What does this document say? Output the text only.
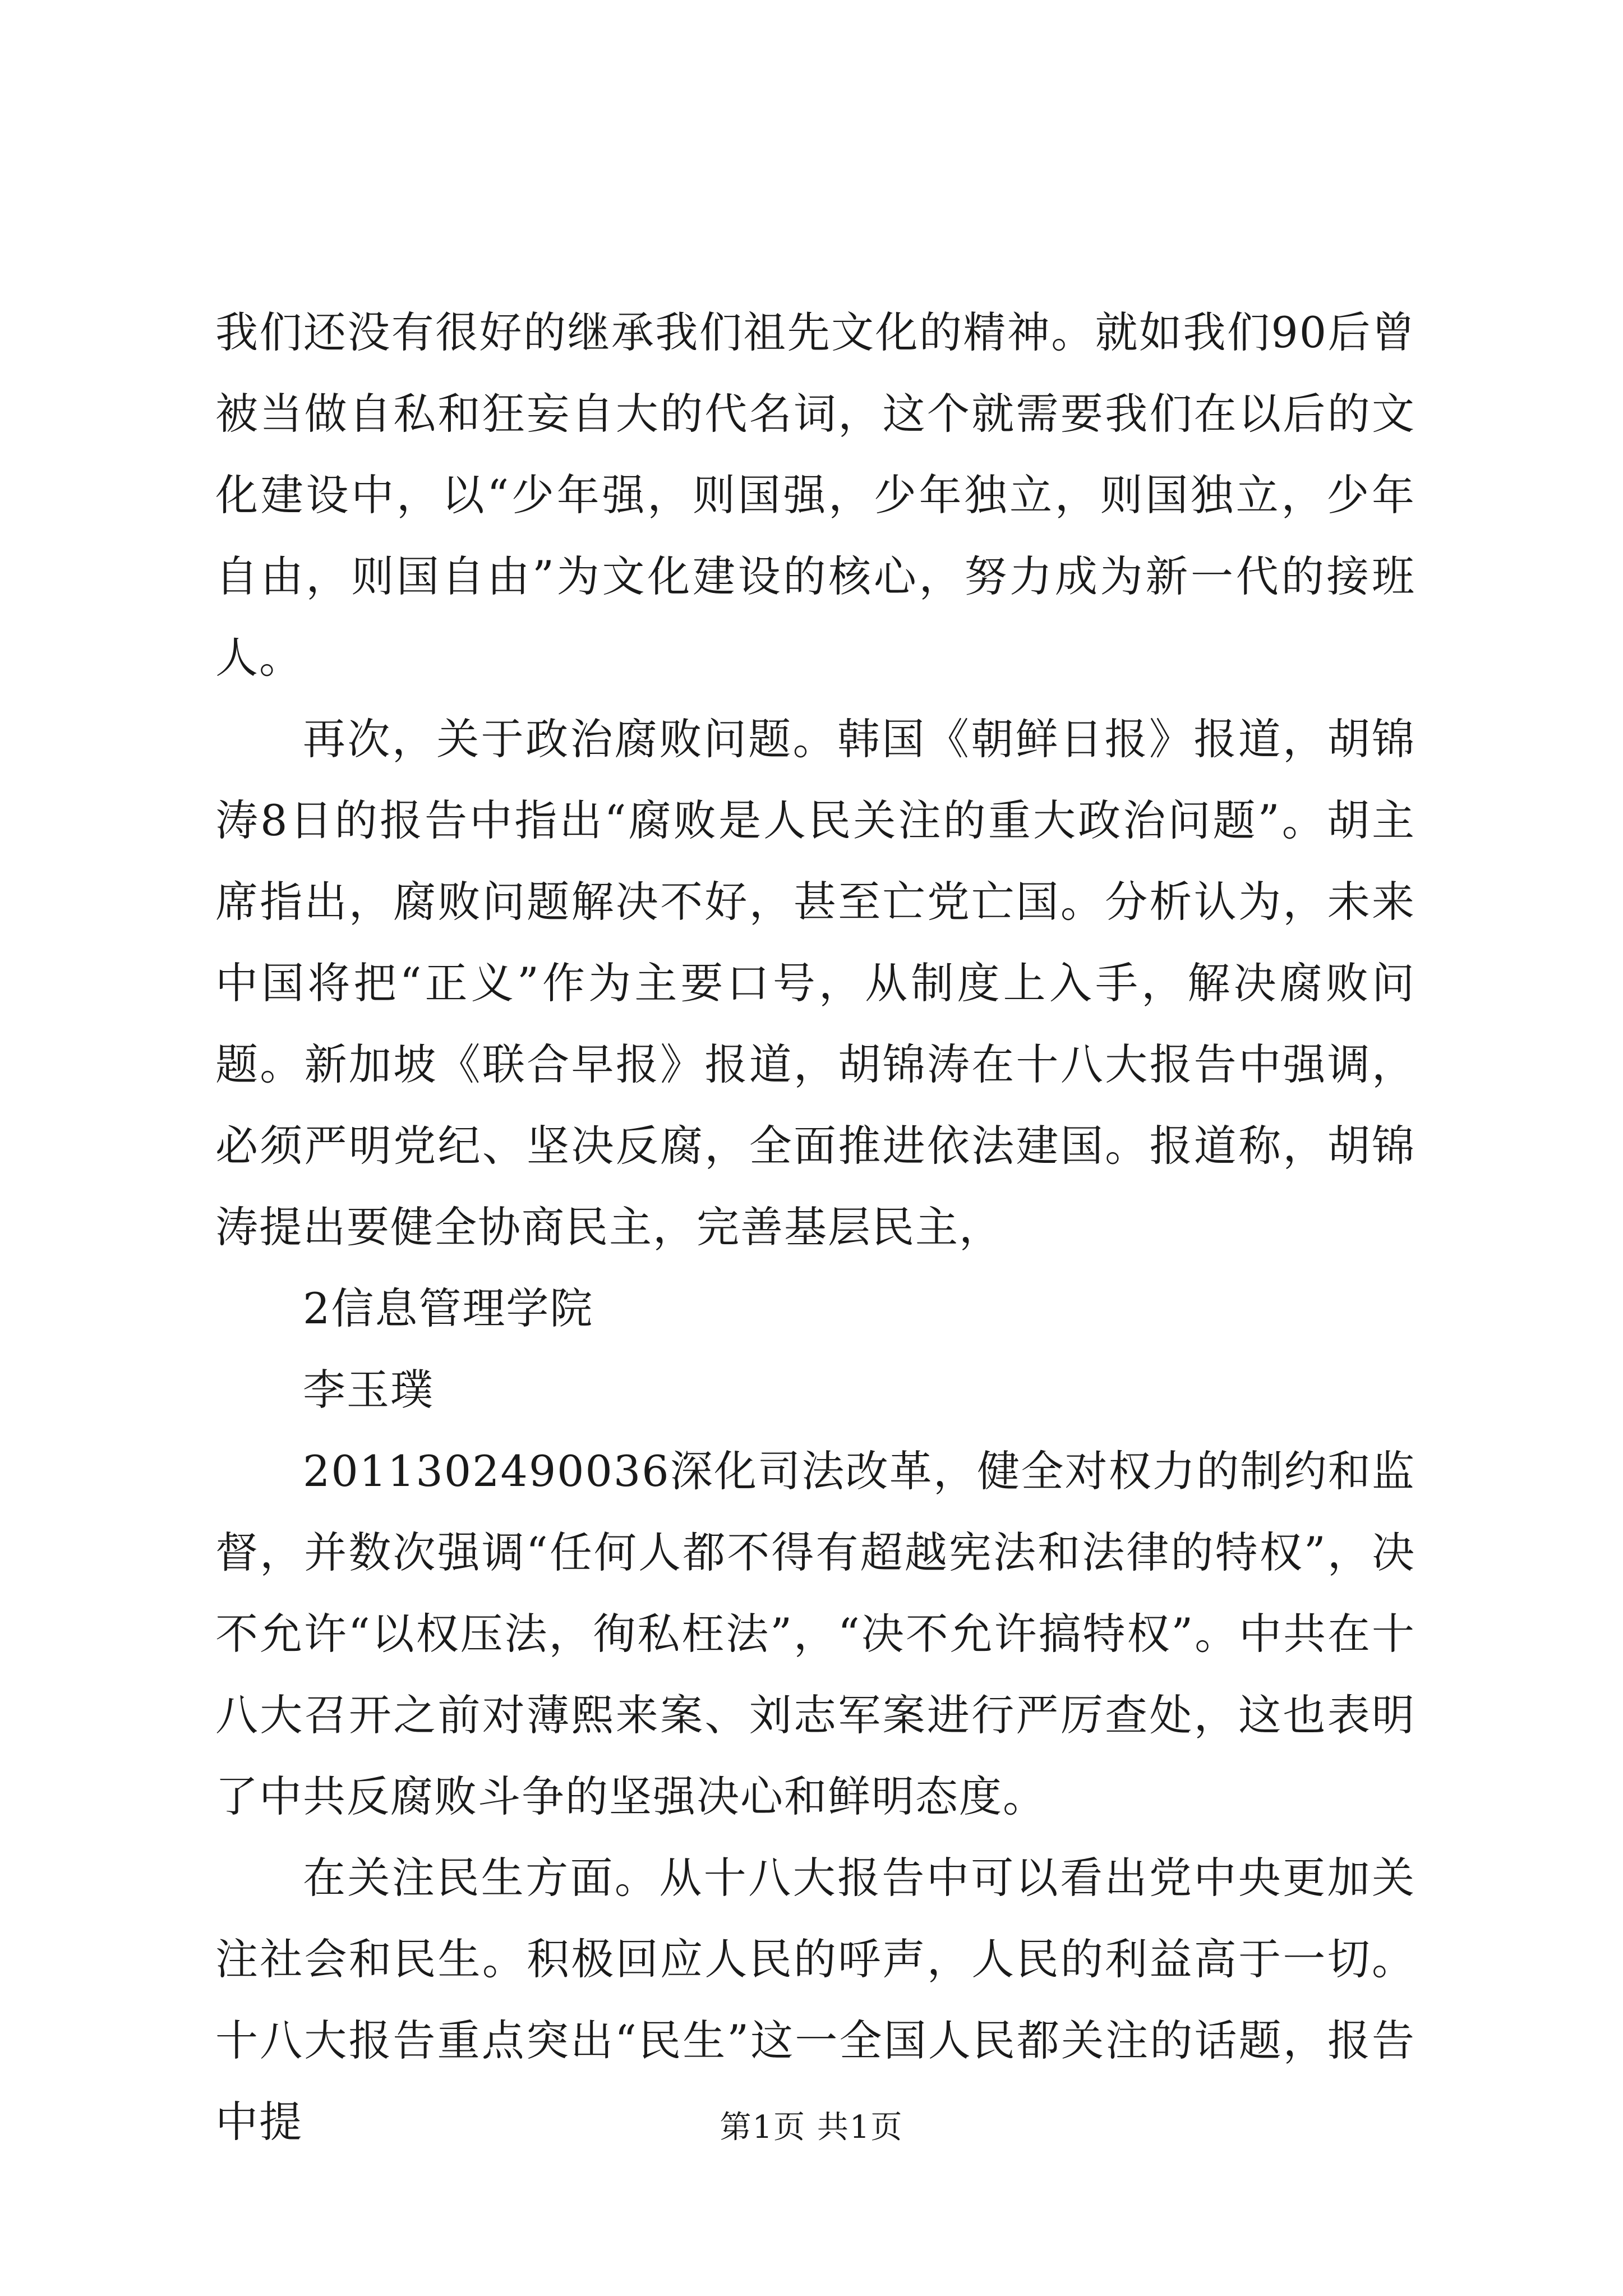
我们还没有很好的继承我们祖先文化的精神。就如我们90后曾被当做自私和狂妄自大的代名词，这个就需要我们在以后的文化建设中，以“少年强，则国强，少年独立，则国独立，少年自由，则国自由”为文化建设的核心，努力成为新一代的接班人。

再次，关于政治腐败问题。韩国《朝鲜日报》报道，胡锦涛8日的报告中指出“腐败是人民关注的重大政治问题”。胡主席指出，腐败问题解决不好，甚至亡党亡国。分析认为，未来中国将把“正义”作为主要口号，从制度上入手，解决腐败问题。新加坡《联合早报》报道，胡锦涛在十八大报告中强调，必须严明党纪、坚决反腐，全面推进依法建国。报道称，胡锦涛提出要健全协商民主，完善基层民主，

2信息管理学院

李玉璞

2011302490036深化司法改革，健全对权力的制约和监督，并数次强调“任何人都不得有超越宪法和法律的特权”，决不允许“以权压法，徇私枉法”，“决不允许搞特权”。中共在十八大召开之前对薄熙来案、刘志军案进行严厉查处，这也表明了中共反腐败斗争的坚强决心和鲜明态度。

在关注民生方面。从十八大报告中可以看出党中央更加关注社会和民生。积极回应人民的呼声，人民的利益高于一切。十八大报告重点突出“民生”这一全国人民都关注的话题，报告中提	第1页 共1页
